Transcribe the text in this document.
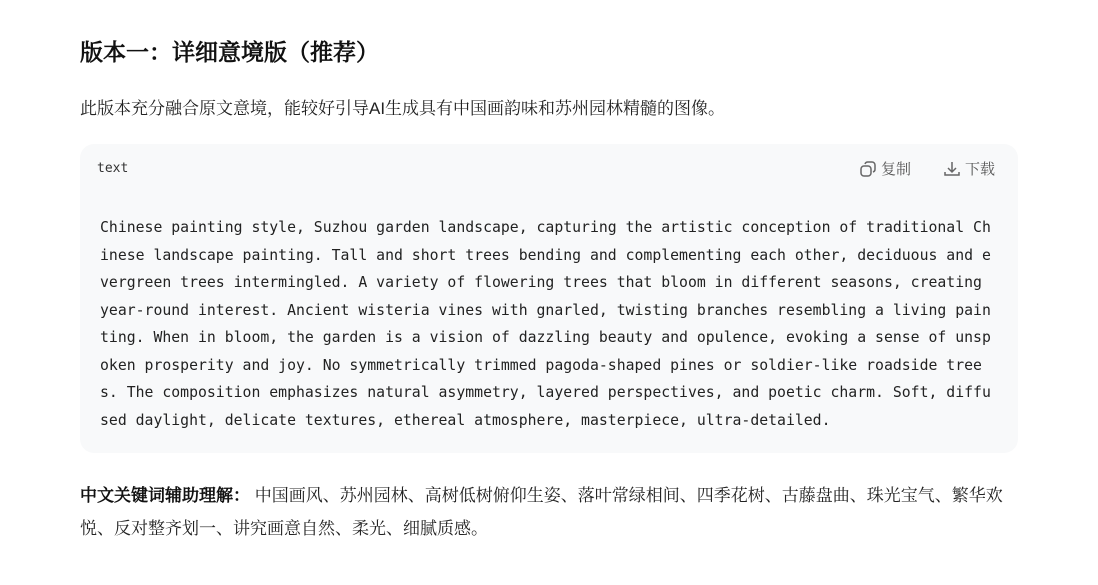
版本一：详细意境版（推荐）
此版本充分融合原文意境，能较好引导AI生成具有中国画韵味和苏州园林精髓的图像。
text	复制	下载
Chinese painting style, Suzhou garden landscape, capturing the artistic conception of traditional Chinese landscape painting. Tall and short trees bending and complementing each other, deciduous and evergreen trees intermingled. A variety of flowering trees that bloom in different seasons, creating year-round interest. Ancient wisteria vines with gnarled, twisting branches resembling a living painting. When in bloom, the garden is a vision of dazzling beauty and opulence, evoking a sense of unspoken prosperity and joy. No symmetrically trimmed pagoda-shaped pines or soldier-like roadside trees. The composition emphasizes natural asymmetry, layered perspectives, and poetic charm. Soft, diffused daylight, delicate textures, ethereal atmosphere, masterpiece, ultra-detailed.
中文关键词辅助理解： 中国画风、苏州园林、高树低树俯仰生姿、落叶常绿相间、四季花树、古藤盘曲、珠光宝气、繁华欢悦、反对整齐划一、讲究画意自然、柔光、细腻质感。
